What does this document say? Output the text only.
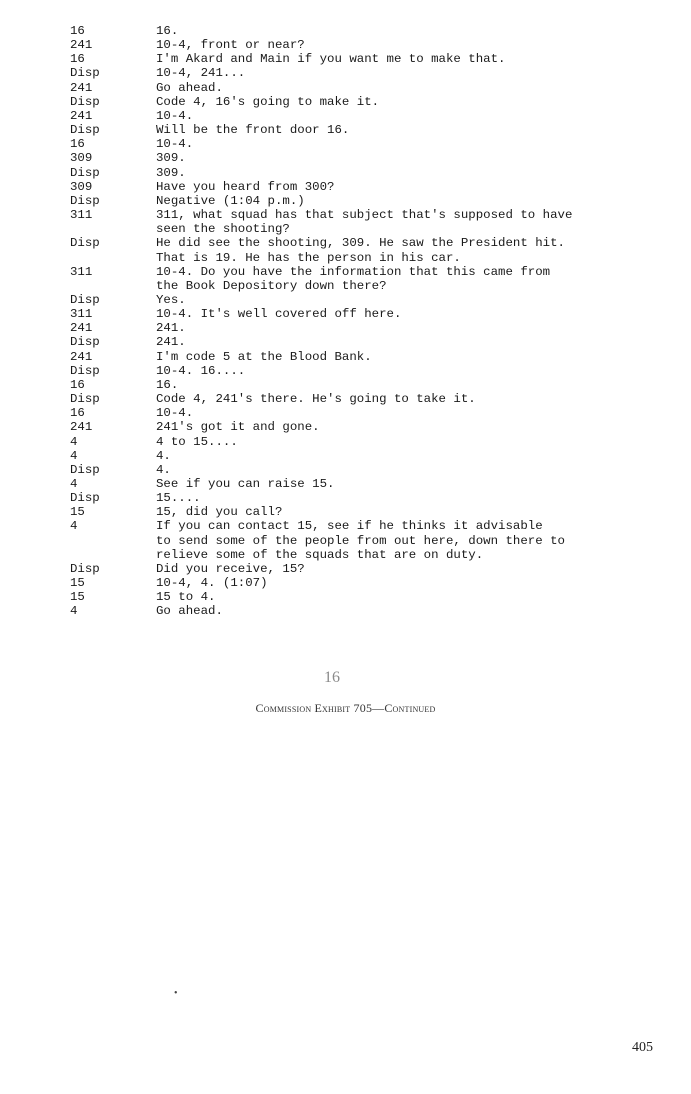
16	16.
241	10-4, front or near?
16	I'm Akard and Main if you want me to make that.
Disp	10-4, 241...
241	Go ahead.
Disp	Code 4, 16's going to make it.
241	10-4.
Disp	Will be the front door 16.
16	10-4.
309	309.
Disp	309.
309	Have you heard from 300?
Disp	Negative (1:04 p.m.)
311	311, what squad has that subject that's supposed to have
seen the shooting?
Disp	He did see the shooting, 309. He saw the President hit.
That is 19. He has the person in his car.
311	10-4. Do you have the information that this came from
the Book Depository down there?
Disp	Yes.
311	10-4. It's well covered off here.
241	241.
Disp	241.
241	I'm code 5 at the Blood Bank.
Disp	10-4. 16....
16	16.
Disp	Code 4, 241's there. He's going to take it.
16	10-4.
241	241's got it and gone.
4	4 to 15....
4	4.
Disp	4.
4	See if you can raise 15.
Disp	15....
15	15, did you call?
4	If you can contact 15, see if he thinks it advisable
to send some of the people from out here, down there to
relieve some of the squads that are on duty.
Disp	Did you receive, 15?
15	10-4, 4. (1:07)
15	15 to 4.
4	Go ahead.
16
Commission Exhibit 705—Continued
•
405
